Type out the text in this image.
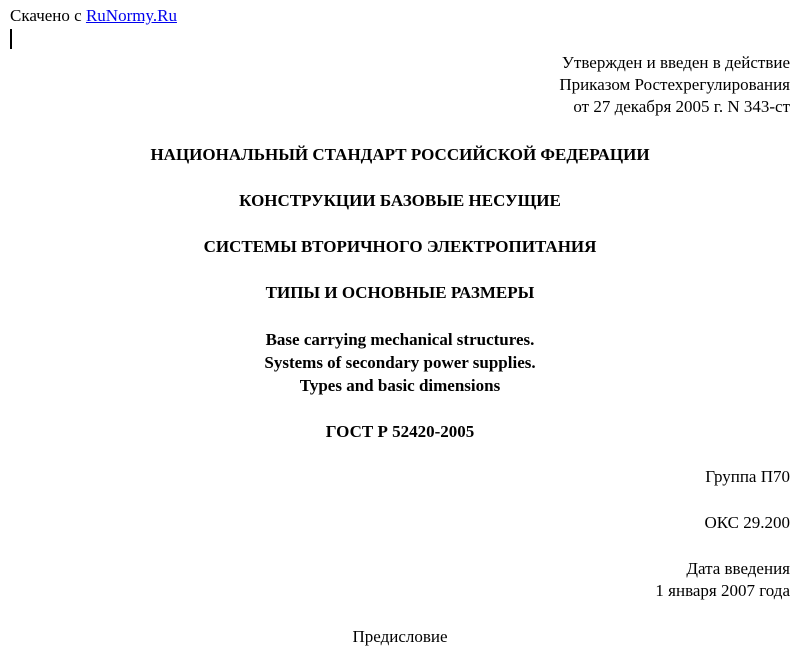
Скачено с RuNormy.Ru
Утвержден и введен в действие
Приказом Ростехрегулирования
от 27 декабря 2005 г. N 343-ст
НАЦИОНАЛЬНЫЙ СТАНДАРТ РОССИЙСКОЙ ФЕДЕРАЦИИ
КОНСТРУКЦИИ БАЗОВЫЕ НЕСУЩИЕ
СИСТЕМЫ ВТОРИЧНОГО ЭЛЕКТРОПИТАНИЯ
ТИПЫ И ОСНОВНЫЕ РАЗМЕРЫ
Base carrying mechanical structures.
Systems of secondary power supplies.
Types and basic dimensions
ГОСТ Р 52420-2005
Группа П70
ОКС 29.200
Дата введения
1 января 2007 года
Предисловие
